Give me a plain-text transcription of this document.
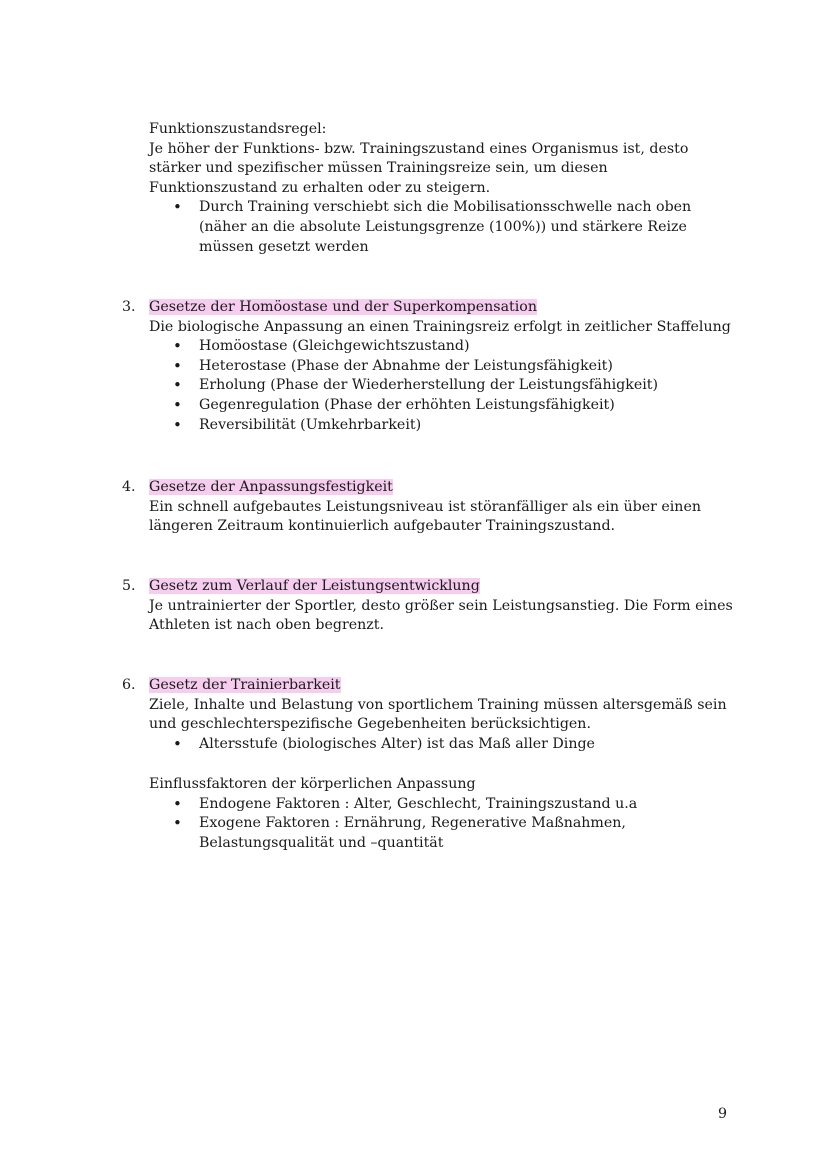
Funktionszustandsregel:
Je höher der Funktions- bzw. Trainingszustand eines Organismus ist, desto
stärker und spezifischer müssen Trainingsreize sein, um diesen
Funktionszustand zu erhalten oder zu steigern.
• Durch Training verschiebt sich die Mobilisationsschwelle nach oben
(näher an die absolute Leistungsgrenze (100%)) und stärkere Reize
müssen gesetzt werden
3. Gesetze der Homöostase und der Superkompensation
Die biologische Anpassung an einen Trainingsreiz erfolgt in zeitlicher Staffelung
• Homöostase (Gleichgewichtszustand)
• Heterostase (Phase der Abnahme der Leistungsfähigkeit)
• Erholung (Phase der Wiederherstellung der Leistungsfähigkeit)
• Gegenregulation (Phase der erhöhten Leistungsfähigkeit)
• Reversibilität (Umkehrbarkeit)
4. Gesetze der Anpassungsfestigkeit
Ein schnell aufgebautes Leistungsniveau ist störanfälliger als ein über einen
längeren Zeitraum kontinuierlich aufgebauter Trainingszustand.
5. Gesetz zum Verlauf der Leistungsentwicklung
Je untrainierter der Sportler, desto größer sein Leistungsanstieg. Die Form eines
Athleten ist nach oben begrenzt.
6. Gesetz der Trainierbarkeit
Ziele, Inhalte und Belastung von sportlichem Training müssen altersgemäß sein
und geschlechterspezifische Gegebenheiten berücksichtigen.
• Altersstufe (biologisches Alter) ist das Maß aller Dinge
Einflussfaktoren der körperlichen Anpassung
• Endogene Faktoren : Alter, Geschlecht, Trainingszustand u.a
• Exogene Faktoren : Ernährung, Regenerative Maßnahmen,
Belastungsqualität und –quantität
9
